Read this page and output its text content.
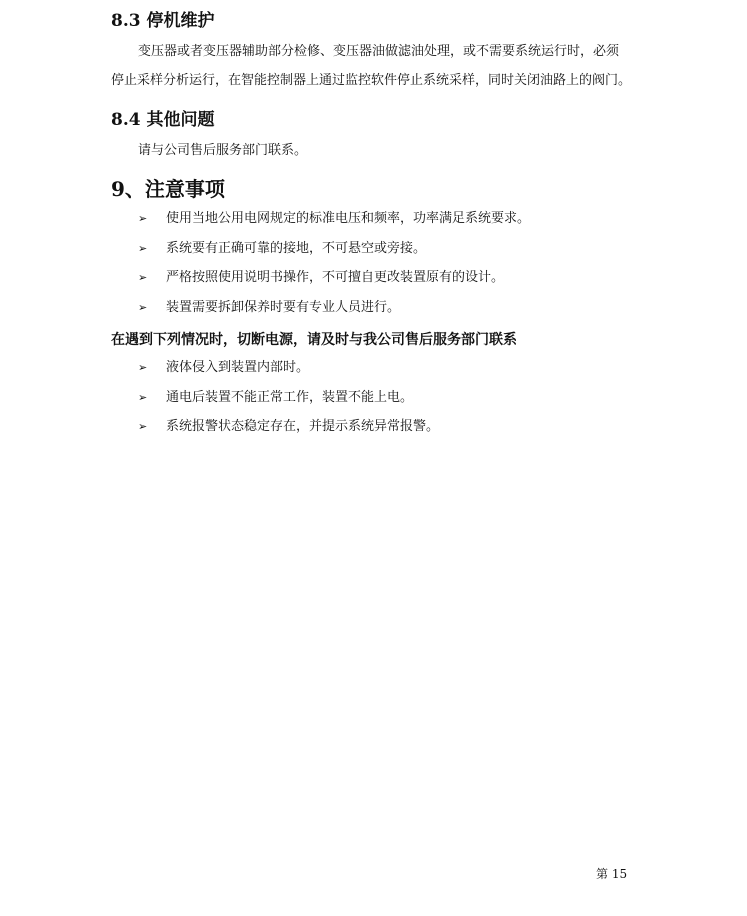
8.3 停机维护
变压器或者变压器辅助部分检修、变压器油做滤油处理，或不需要系统运行时，必须
停止采样分析运行，在智能控制器上通过监控软件停止系统采样，同时关闭油路上的阀门。
8.4 其他问题
请与公司售后服务部门联系。
9、注意事项
➢ 使用当地公用电网规定的标准电压和频率，功率满足系统要求。
➢ 系统要有正确可靠的接地，不可悬空或旁接。
➢ 严格按照使用说明书操作，不可擅自更改装置原有的设计。
➢ 装置需要拆卸保养时要有专业人员进行。
在遇到下列情况时，切断电源，请及时与我公司售后服务部门联系
➢ 液体侵入到装置内部时。
➢ 通电后装置不能正常工作，装置不能上电。
➢ 系统报警状态稳定存在，并提示系统异常报警。
第 15
